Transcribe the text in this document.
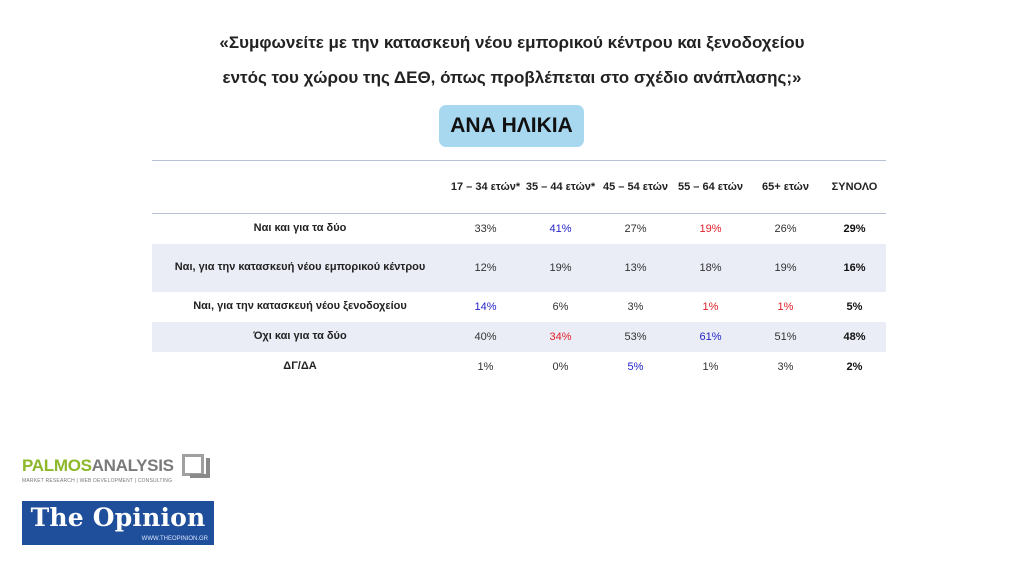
«Συμφωνείτε με την κατασκευή νέου εμπορικού κέντρου και ξενοδοχείου
εντός του χώρου της ΔΕΘ, όπως προβλέπεται στο σχέδιο ανάπλασης;»
ΑΝΑ ΗΛΙΚΙΑ
	17 – 34 ετών*	35 – 44 ετών*	45 – 54 ετών	55 – 64 ετών	65+ ετών	ΣΥΝΟΛΟ
Ναι και για τα δύο	33%	41%	27%	19%	26%	29%
Ναι, για την κατασκευή νέου εμπορικού κέντρου	12%	19%	13%	18%	19%	16%
Ναι, για την κατασκευή νέου ξενοδοχείου	14%	6%	3%	1%	1%	5%
Όχι και για τα δύο	40%	34%	53%	61%	51%	48%
ΔΓ/ΔΑ	1%	0%	5%	1%	3%	2%
PALMOSANALYSIS
MARKET RESEARCH | WEB DEVELOPMENT | CONSULTING
The Opinion
WWW.THEOPINION.GR
